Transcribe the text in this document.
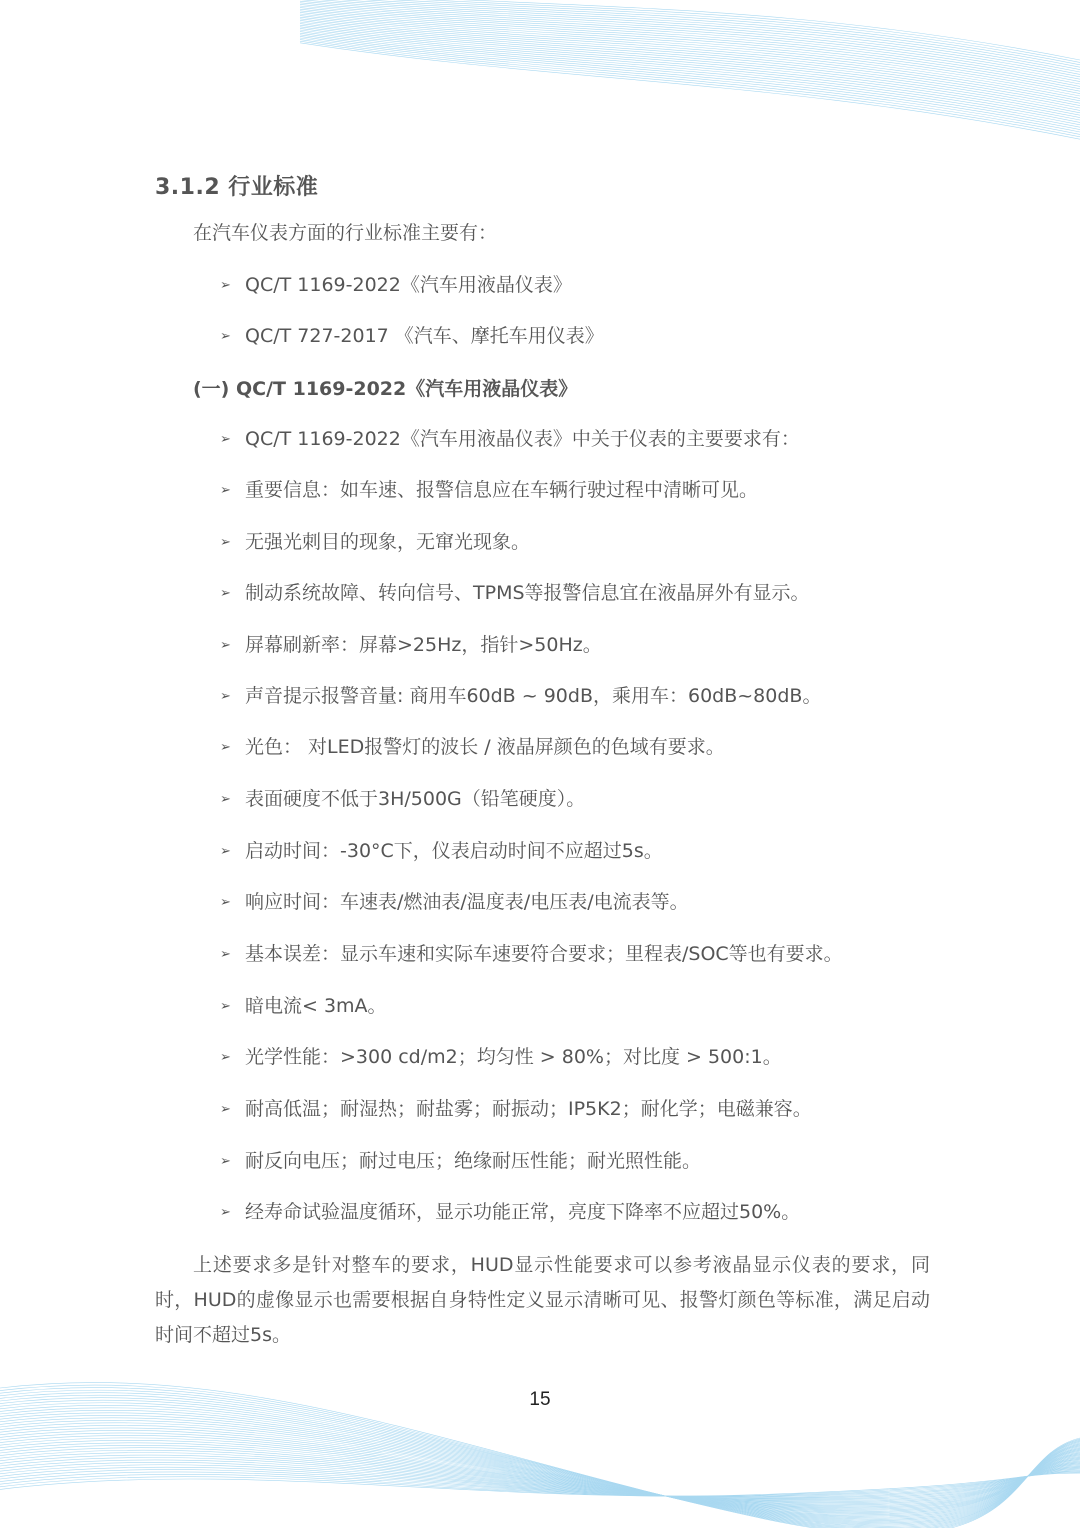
3.1.2 行业标准

在汽车仪表方面的行业标准主要有：

➢ QC/T 1169-2022《汽车用液晶仪表》
➢ QC/T 727-2017 《汽车、摩托车用仪表》
(一) QC/T 1169-2022《汽车用液晶仪表》
➢ QC/T 1169-2022《汽车用液晶仪表》中关于仪表的主要要求有：
➢ 重要信息：如车速、报警信息应在车辆行驶过程中清晰可见。
➢ 无强光刺目的现象，无窜光现象。
➢ 制动系统故障、转向信号、TPMS等报警信息宜在液晶屏外有显示。
➢ 屏幕刷新率：屏幕>25Hz，指针>50Hz。
➢ 声音提示报警音量: 商用车60dB ~ 90dB，乘用车：60dB~80dB。
➢ 光色： 对LED报警灯的波长 / 液晶屏颜色的色域有要求。
➢ 表面硬度不低于3H/500G（铅笔硬度）。
➢ 启动时间：-30°C下，仪表启动时间不应超过5s。
➢ 响应时间：车速表/燃油表/温度表/电压表/电流表等。
➢ 基本误差：显示车速和实际车速要符合要求；里程表/SOC等也有要求。
➢ 暗电流< 3mA。
➢ 光学性能：>300 cd/m2；均匀性 > 80%；对比度 > 500:1。
➢ 耐高低温；耐湿热；耐盐雾；耐振动；IP5K2；耐化学；电磁兼容。
➢ 耐反向电压；耐过电压；绝缘耐压性能；耐光照性能。
➢ 经寿命试验温度循环，显示功能正常，亮度下降率不应超过50%。

上述要求多是针对整车的要求，HUD显示性能要求可以参考液晶显示仪表的要求，同时，HUD的虚像显示也需要根据自身特性定义显示清晰可见、报警灯颜色等标准，满足启动时间不超过5s。

15
